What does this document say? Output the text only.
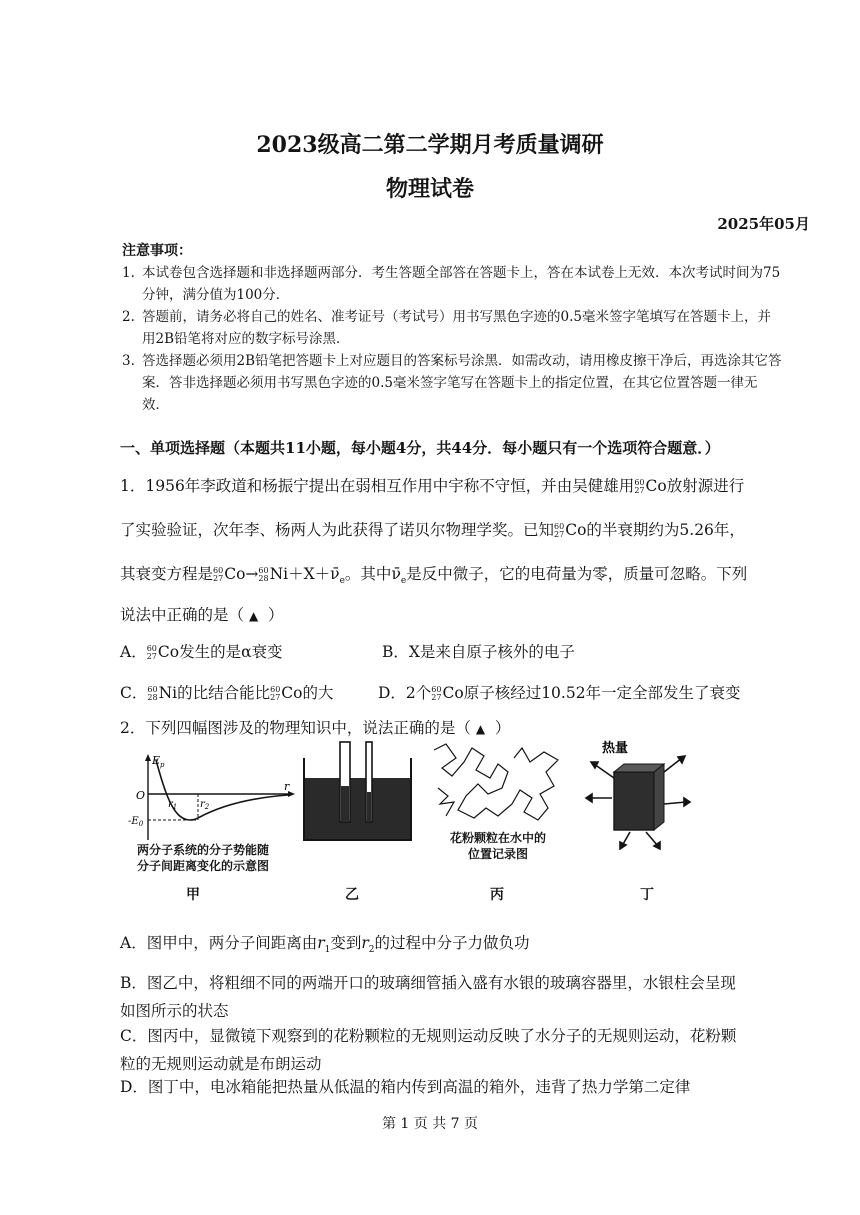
2023级高二第二学期月考质量调研
物理试卷
2025年05月
注意事项：
1. 本试卷包含选择题和非选择题两部分．考生答题全部答在答题卡上，答在本试卷上无效．本次考试时间为75分钟，满分值为100分．
2. 答题前，请务必将自己的姓名、准考证号（考试号）用书写黑色字迹的0.5毫米签字笔填写在答题卡上，并用2B铅笔将对应的数字标号涂黑．
3. 答选择题必须用2B铅笔把答题卡上对应题目的答案标号涂黑．如需改动，请用橡皮擦干净后，再选涂其它答案．答非选择题必须用书写黑色字迹的0.5毫米签字笔写在答题卡上的指定位置，在其它位置答题一律无效．
一、单项选择题（本题共11小题，每小题4分，共44分．每小题只有一个选项符合题意．）
1．1956年李政道和杨振宁提出在弱相互作用中宇称不守恒，并由吴健雄用 60
27 Co放射源进行
了实验验证，次年李、杨两人为此获得了诺贝尔物理学奖。已知 60
27 Co的半衰期约为5.26年，
其衰变方程是 60
27 Co→ 60
28 $Ni+X+\nū_e$。其中$\nū_e$是反中微子，它的电荷量为零，质量可忽略。下列
说法中正确的是（ ▲ ）
A． 60
27 Co发生的是α衰变	B．X是来自原子核外的电子
C． 60
28 Ni的比结合能比 60
27 Co的大	D．2个 60
27 Co原子核经过10.52年一定全部发生了衰变
2．下列四幅图涉及的物理知识中，说法正确的是（ ▲ ）
$E_p$
r
O
$r_1$ $r_2$
$-E_0$
两分子系统的分子势能随
分子间距离变化的示意图
甲	乙
花粉颗粒在水中的
位置记录图
丙
热量
丁
A．图甲中，两分子间距离由$r_1$变到$r_2$的过程中分子力做负功
B．图乙中，将粗细不同的两端开口的玻璃细管插入盛有水银的玻璃容器里，水银柱会呈现
如图所示的状态
C．图丙中，显微镜下观察到的花粉颗粒的无规则运动反映了水分子的无规则运动，花粉颗
粒的无规则运动就是布朗运动
D．图丁中，电冰箱能把热量从低温的箱内传到高温的箱外，违背了热力学第二定律
第 1 页 共 7 页
